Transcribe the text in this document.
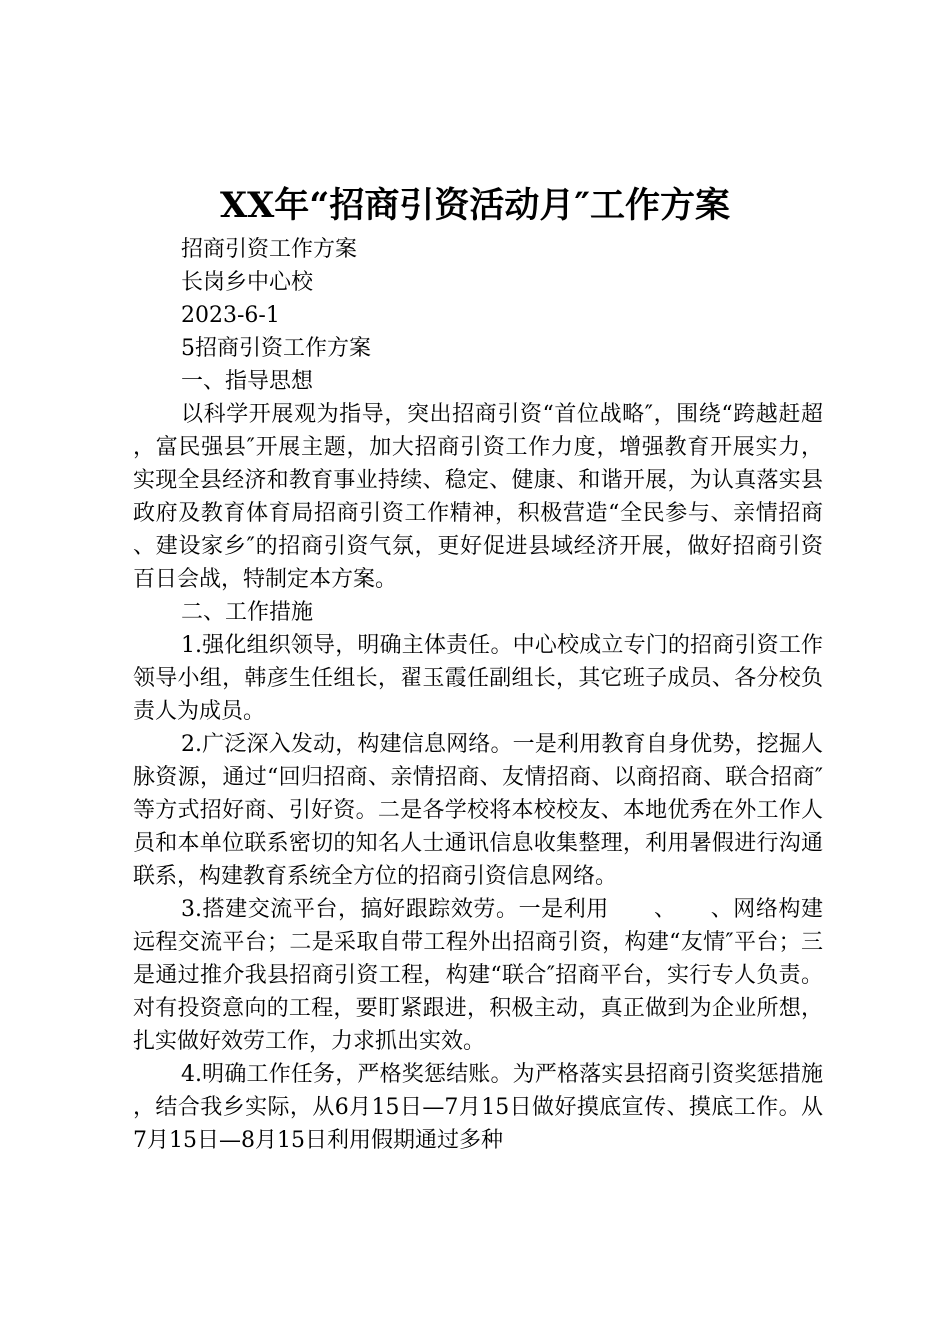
XX年“招商引资活动月″工作方案

招商引资工作方案

长岗乡中心校

2023-6-1

5招商引资工作方案

一、指导思想

以科学开展观为指导，突出招商引资“首位战略″，围绕“跨越赶超，富民强县″开展主题，加大招商引资工作力度，增强教育开展实力，实现全县经济和教育事业持续、稳定、健康、和谐开展，为认真落实县政府及教育体育局招商引资工作精神，积极营造“全民参与、亲情招商、建设家乡″的招商引资气氛，更好促进县域经济开展，做好招商引资百日会战，特制定本方案。

二、工作措施

1.强化组织领导，明确主体责任。中心校成立专门的招商引资工作领导小组，韩彦生任组长，翟玉霞任副组长，其它班子成员、各分校负责人为成员。

2.广泛深入发动，构建信息网络。一是利用教育自身优势，挖掘人脉资源，通过“回归招商、亲情招商、友情招商、以商招商、联合招商″等方式招好商、引好资。二是各学校将本校校友、本地优秀在外工作人员和本单位联系密切的知名人士通讯信息收集整理，利用暑假进行沟通联系，构建教育系统全方位的招商引资信息网络。

3.搭建交流平台，搞好跟踪效劳。一是利用　　、　　、网络构建远程交流平台；二是采取自带工程外出招商引资，构建“友情″平台；三是通过推介我县招商引资工程，构建“联合″招商平台，实行专人负责。对有投资意向的工程，要盯紧跟进，积极主动，真正做到为企业所想，扎实做好效劳工作，力求抓出实效。

4.明确工作任务，严格奖惩结账。为严格落实县招商引资奖惩措施，结合我乡实际，从6月15日—7月15日做好摸底宣传、摸底工作。从7月15日—8月15日利用假期通过多种
